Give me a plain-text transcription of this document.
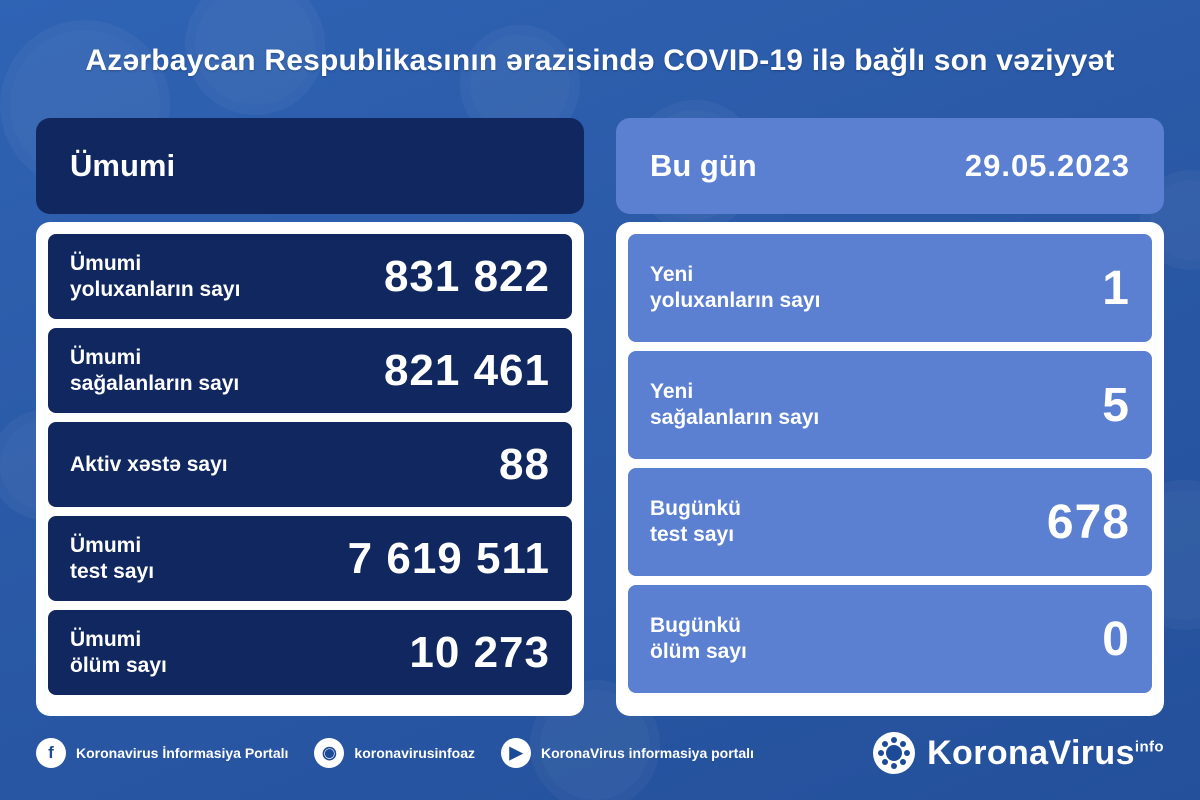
Azərbaycan Respublikasının ərazisində COVID-19 ilə bağlı son vəziyyət
Ümumi
Ümumi
yoluxanların sayı	831 822
Ümumi
sağalanların sayı	821 461
Aktiv xəstə sayı	88
Ümumi
test sayı	7 619 511
Ümumi
ölüm sayı	10 273
Bu gün	29.05.2023
Yeni
yoluxanların sayı	1
Yeni
sağalanların sayı	5
Bugünkü
test sayı	678
Bugünkü
ölüm sayı	0
f	Koronavirus İnformasiya Portalı	◉	koronavirusinfoaz	▶	KoronaVirus informasiya portalı	KoronaVirus$^{info}$
